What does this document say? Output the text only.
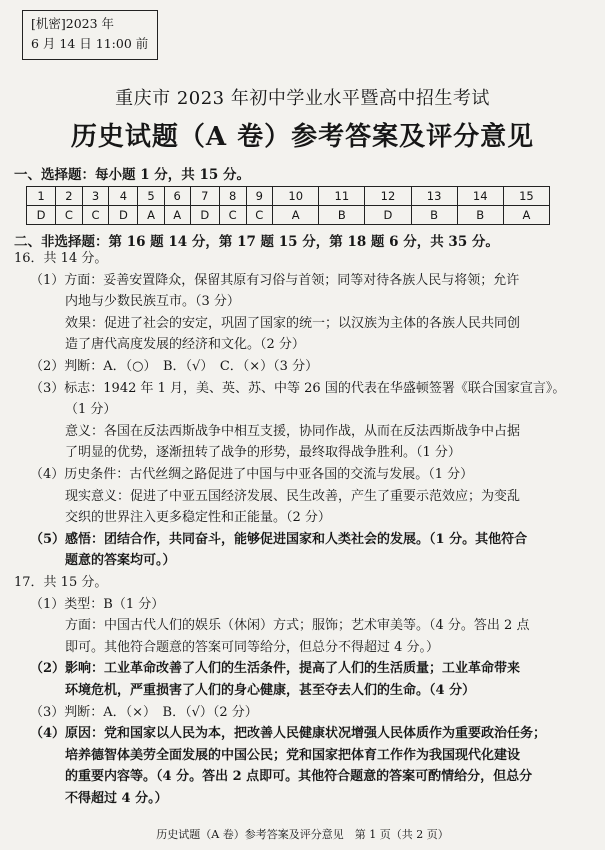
[机密]2023 年
6 月 14 日 11:00 前
重庆市 2023 年初中学业水平暨高中招生考试
历史试题（A 卷）参考答案及评分意见
一、选择题：每小题 1 分，共 15 分。
1	2	3	4	5	6	7	8	9	10	11	12	13	14	15
D	C	C	D	A	A	D	C	C	A	B	D	B	B	A
二、非选择题：第 16 题 14 分，第 17 题 15 分，第 18 题 6 分，共 35 分。
16．共 14 分。
（1）方面：妥善安置降众，保留其原有习俗与首领；同等对待各族人民与将领；允许
内地与少数民族互市。（3 分）
效果：促进了社会的安定，巩固了国家的统一；以汉族为主体的各族人民共同创
造了唐代高度发展的经济和文化。（2 分）
（2）判断：A．（○）　B．（√）　C．（×）（3 分）
（3）标志：1942 年 1 月，美、英、苏、中等 26 国的代表在华盛顿签署《联合国家宣言》。
（1 分）
意义：各国在反法西斯战争中相互支援，协同作战，从而在反法西斯战争中占据
了明显的优势，逐渐扭转了战争的形势，最终取得战争胜利。（1 分）
（4）历史条件：古代丝绸之路促进了中国与中亚各国的交流与发展。（1 分）
现实意义：促进了中亚五国经济发展、民生改善，产生了重要示范效应；为变乱
交织的世界注入更多稳定性和正能量。（2 分）
（5）感悟：团结合作，共同奋斗，能够促进国家和人类社会的发展。（1 分。其他符合
题意的答案均可。）
17．共 15 分。
（1）类型：B（1 分）
方面：中国古代人们的娱乐（休闲）方式；服饰；艺术审美等。（4 分。答出 2 点
即可。其他符合题意的答案可同等给分，但总分不得超过 4 分。）
（2）影响：工业革命改善了人们的生活条件，提高了人们的生活质量；工业革命带来
环境危机，严重损害了人们的身心健康，甚至夺去人们的生命。（4 分）
（3）判断：A．（×）　B．（√）（2 分）
（4）原因：党和国家以人民为本，把改善人民健康状况增强人民体质作为重要政治任务；
培养德智体美劳全面发展的中国公民；党和国家把体育工作作为我国现代化建设
的重要内容等。（4 分。答出 2 点即可。其他符合题意的答案可酌情给分，但总分
不得超过 4 分。）
历史试题（A 卷）参考答案及评分意见　第 1 页（共 2 页）
